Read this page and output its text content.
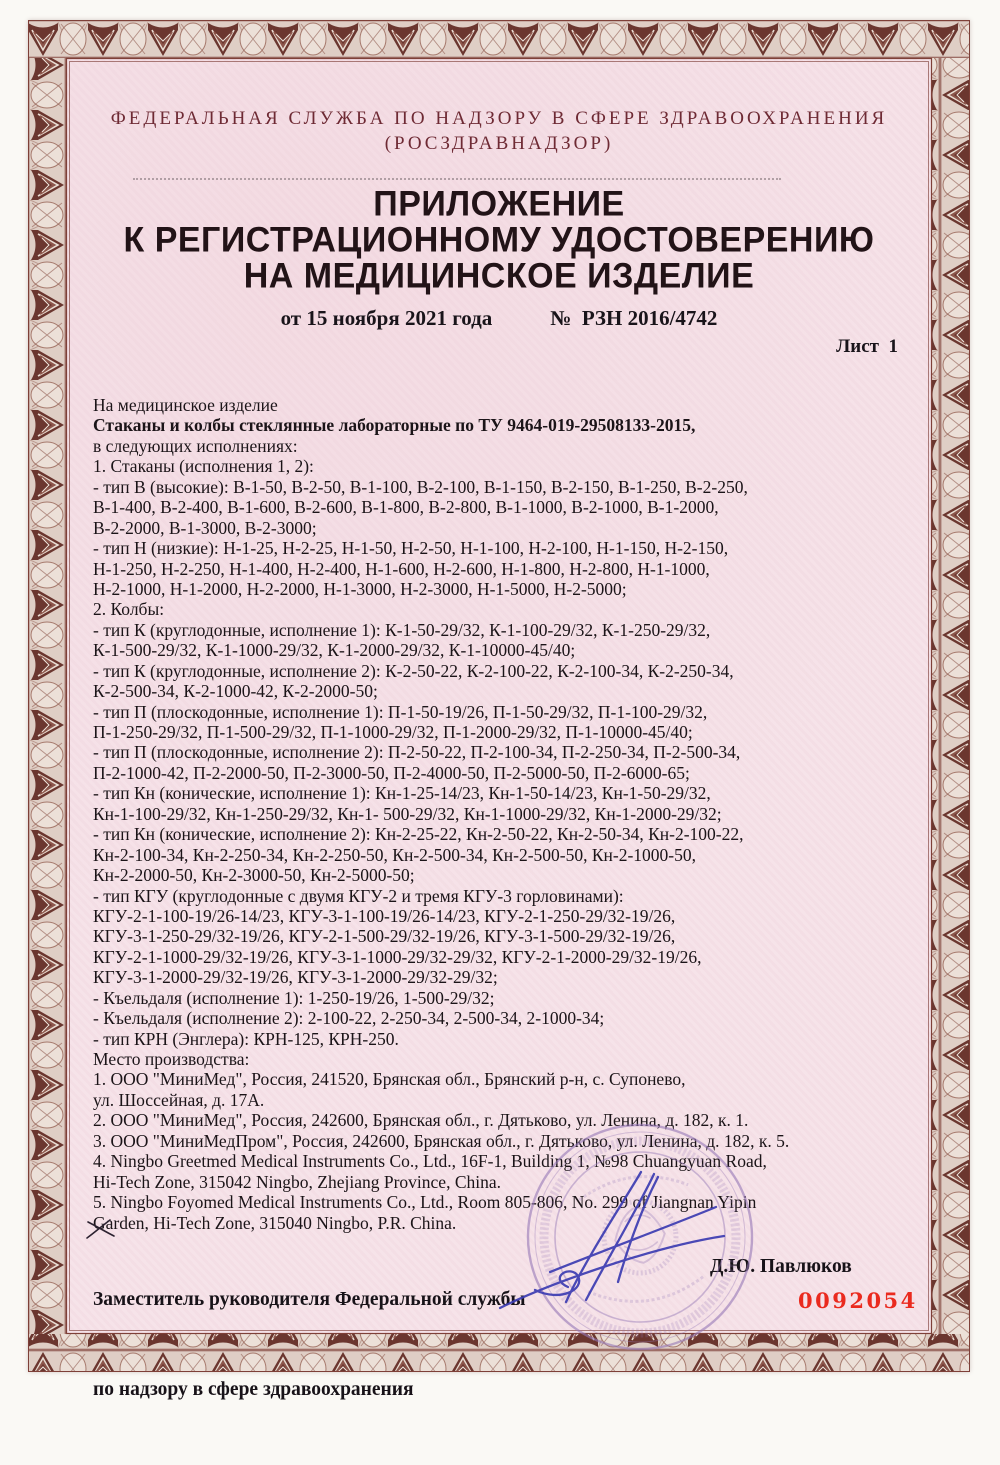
ФЕДЕРАЛЬНАЯ СЛУЖБА ПО НАДЗОРУ В СФЕРЕ ЗДРАВООХРАНЕНИЯ
(РОСЗДРАВНАДЗОР)
ПРИЛОЖЕНИЕ
К РЕГИСТРАЦИОННОМУ УДОСТОВЕРЕНИЮ
НА МЕДИЦИНСКОЕ ИЗДЕЛИЕ
от 15 ноября 2021 года	№  РЗН 2016/4742
Лист  1
На медицинское изделие
Стаканы и колбы стеклянные лабораторные по ТУ 9464-019-29508133-2015,
в следующих исполнениях:
1. Стаканы (исполнения 1, 2):
- тип В (высокие): В-1-50, В-2-50, В-1-100, В-2-100, В-1-150, В-2-150, В-1-250, В-2-250,
В-1-400, В-2-400, В-1-600, В-2-600, В-1-800, В-2-800, В-1-1000, В-2-1000, В-1-2000,
В-2-2000, В-1-3000, В-2-3000;
- тип Н (низкие): Н-1-25, Н-2-25, Н-1-50, Н-2-50, Н-1-100, Н-2-100, Н-1-150, Н-2-150,
Н-1-250, Н-2-250, Н-1-400, Н-2-400, Н-1-600, Н-2-600, Н-1-800, Н-2-800, Н-1-1000,
Н-2-1000, Н-1-2000, Н-2-2000, Н-1-3000, Н-2-3000, Н-1-5000, Н-2-5000;
2. Колбы:
- тип К (круглодонные, исполнение 1): К-1-50-29/32, К-1-100-29/32, К-1-250-29/32,
К-1-500-29/32, К-1-1000-29/32, К-1-2000-29/32, К-1-10000-45/40;
- тип К (круглодонные, исполнение 2): К-2-50-22, К-2-100-22, К-2-100-34, К-2-250-34,
К-2-500-34, К-2-1000-42, К-2-2000-50;
- тип П (плоскодонные, исполнение 1): П-1-50-19/26, П-1-50-29/32, П-1-100-29/32,
П-1-250-29/32, П-1-500-29/32, П-1-1000-29/32, П-1-2000-29/32, П-1-10000-45/40;
- тип П (плоскодонные, исполнение 2): П-2-50-22, П-2-100-34, П-2-250-34, П-2-500-34,
П-2-1000-42, П-2-2000-50, П-2-3000-50, П-2-4000-50, П-2-5000-50, П-2-6000-65;
- тип Кн (конические, исполнение 1): Кн-1-25-14/23, Кн-1-50-14/23, Кн-1-50-29/32,
Кн-1-100-29/32, Кн-1-250-29/32, Кн-1- 500-29/32, Кн-1-1000-29/32, Кн-1-2000-29/32;
- тип Кн (конические, исполнение 2): Кн-2-25-22, Кн-2-50-22, Кн-2-50-34, Кн-2-100-22,
Кн-2-100-34, Кн-2-250-34, Кн-2-250-50, Кн-2-500-34, Кн-2-500-50, Кн-2-1000-50,
Кн-2-2000-50, Кн-2-3000-50, Кн-2-5000-50;
- тип КГУ (круглодонные с двумя КГУ-2 и тремя КГУ-3 горловинами):
КГУ-2-1-100-19/26-14/23, КГУ-3-1-100-19/26-14/23, КГУ-2-1-250-29/32-19/26,
КГУ-3-1-250-29/32-19/26, КГУ-2-1-500-29/32-19/26, КГУ-3-1-500-29/32-19/26,
КГУ-2-1-1000-29/32-19/26, КГУ-3-1-1000-29/32-29/32, КГУ-2-1-2000-29/32-19/26,
КГУ-3-1-2000-29/32-19/26, КГУ-3-1-2000-29/32-29/32;
- Къельдаля (исполнение 1): 1-250-19/26, 1-500-29/32;
- Къельдаля (исполнение 2): 2-100-22, 2-250-34, 2-500-34, 2-1000-34;
- тип КРН (Энглера): КРН-125, КРН-250.
Место производства:
1. ООО "МиниМед", Россия, 241520, Брянская обл., Брянский р-н, с. Супонево,
ул. Шоссейная, д. 17А.
2. ООО "МиниМед", Россия, 242600, Брянская обл., г. Дятьково, ул. Ленина, д. 182, к. 1.
3. ООО "МиниМедПром", Россия, 242600, Брянская обл., г. Дятьково, ул. Ленина, д. 182, к. 5.
4. Ningbo Greetmed Medical Instruments Co., Ltd., 16F-1, Building 1, №98 Chuangyuan Road,
Hi-Tech Zone, 315042 Ningbo, Zhejiang Province, China.
5. Ningbo Foyomed Medical Instruments Co., Ltd., Room 805-806, No. 299 of Jiangnan Yipin
Garden, Hi-Tech Zone, 315040 Ningbo, P.R. China.

Заместитель руководителя Федеральной службы

по надзору в сфере здравоохранения

Д.Ю. Павлюков
0092054
